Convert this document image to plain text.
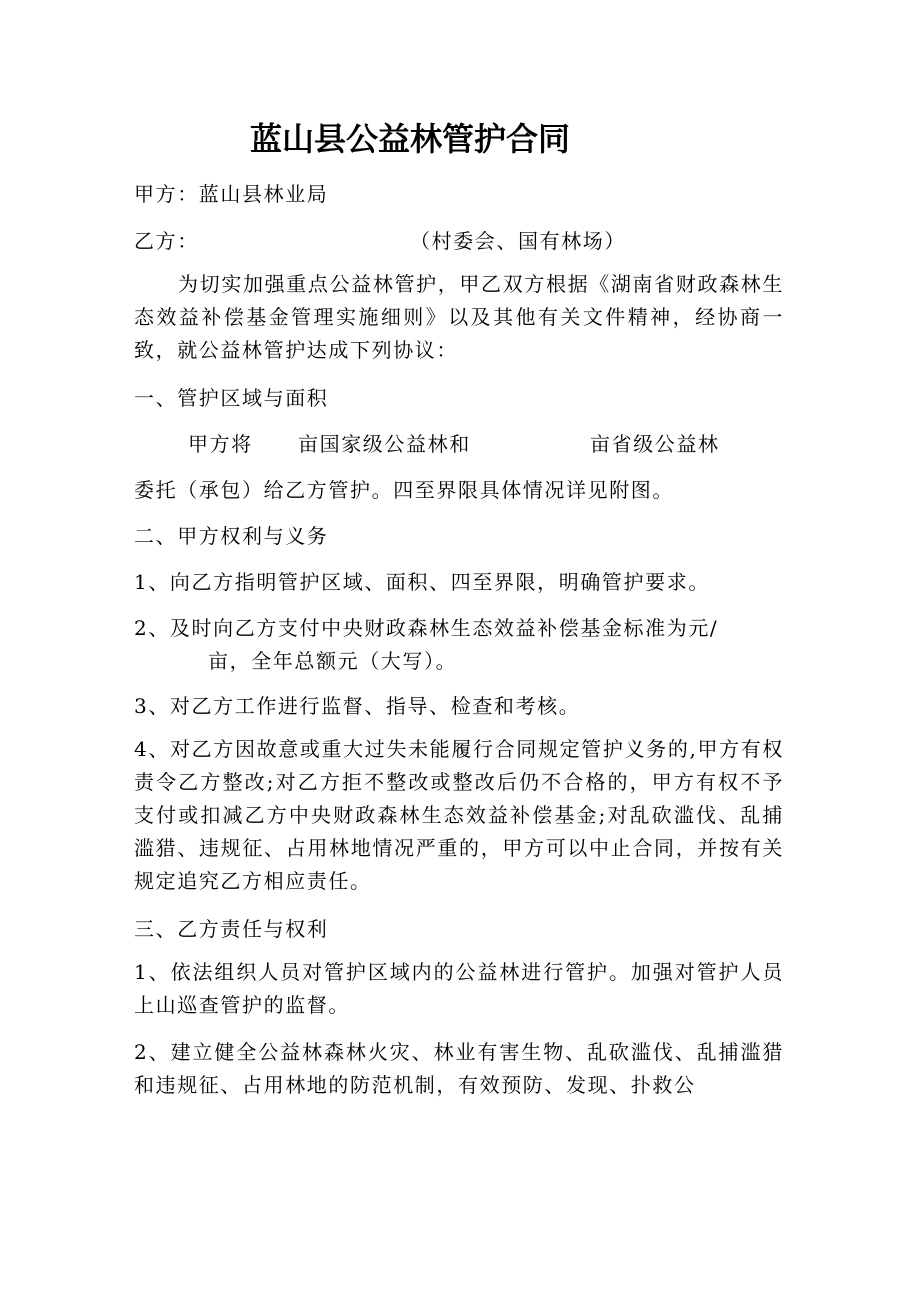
蓝山县公益林管护合同
甲方：蓝山县林业局
乙方：	（村委会、国有林场）
为切实加强重点公益林管护，甲乙双方根据《湖南省财政森林生态效益补偿基金管理实施细则》以及其他有关文件精神，经协商一致，就公益林管护达成下列协议：
一、管护区域与面积
甲方将 亩国家级公益林和	亩省级公益林
委托（承包）给乙方管护。四至界限具体情况详见附图。
二、甲方权利与义务
1、向乙方指明管护区域、面积、四至界限，明确管护要求。
2、及时向乙方支付中央财政森林生态效益补偿基金标准为元/
亩，全年总额元（大写）。
3、对乙方工作进行监督、指导、检查和考核。
4、对乙方因故意或重大过失未能履行合同规定管护义务的,甲方有权责令乙方整改;对乙方拒不整改或整改后仍不合格的，甲方有权不予支付或扣减乙方中央财政森林生态效益补偿基金;对乱砍滥伐、乱捕滥猎、违规征、占用林地情况严重的，甲方可以中止合同，并按有关规定追究乙方相应责任。
三、乙方责任与权利
1、依法组织人员对管护区域内的公益林进行管护。加强对管护人员上山巡查管护的监督。
2、建立健全公益林森林火灾、林业有害生物、乱砍滥伐、乱捕滥猎和违规征、占用林地的防范机制，有效预防、发现、扑救公
